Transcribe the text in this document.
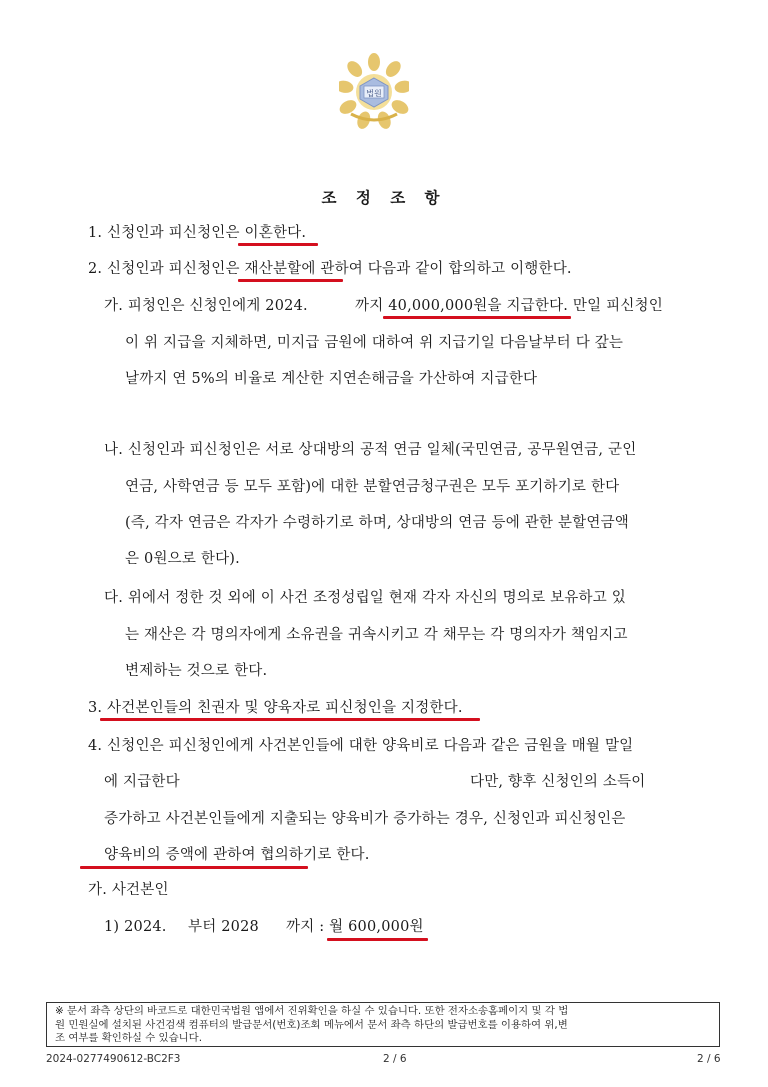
법원
조 정 조 항
1. 신청인과 피신청인은 이혼한다.
2. 신청인과 피신청인은 재산분할에 관하여 다음과 같이 합의하고 이행한다.
가. 피청인은 신청인에게 2024.	까지 40,000,000원을 지급한다. 만일 피신청인
이 위 지급을 지체하면, 미지급 금원에 대하여 위 지급기일 다음날부터 다 갚는
날까지 연 5%의 비율로 계산한 지연손해금을 가산하여 지급한다
나. 신청인과 피신청인은 서로 상대방의 공적 연금 일체(국민연금, 공무원연금, 군인
연금, 사학연금 등 모두 포함)에 대한 분할연금청구권은 모두 포기하기로 한다
(즉, 각자 연금은 각자가 수령하기로 하며, 상대방의 연금 등에 관한 분할연금액
은 0원으로 한다).
다. 위에서 정한 것 외에 이 사건 조정성립일 현재 각자 자신의 명의로 보유하고 있
는 재산은 각 명의자에게 소유권을 귀속시키고 각 채무는 각 명의자가 책임지고
변제하는 것으로 한다.
3. 사건본인들의 친권자 및 양육자로 피신청인을 지정한다.
4. 신청인은 피신청인에게 사건본인들에 대한 양육비로 다음과 같은 금원을 매월 말일
에 지급한다	다만, 향후 신청인의 소득이
증가하고 사건본인들에게 지출되는 양육비가 증가하는 경우, 신청인과 피신청인은
양육비의 증액에 관하여 협의하기로 한다.
가. 사건본인
1) 2024. 부터 2028 까지 : 월 600,000원
※ 문서 좌측 상단의 바코드로 대한민국법원 앱에서 진위확인을 하실 수 있습니다. 또한 전자소송홈페이지 및 각 법
원 민원실에 설치된 사건검색 컴퓨터의 발급문서(번호)조회 메뉴에서 문서 좌측 하단의 발급번호를 이용하여 위,변
조 여부를 확인하실 수 있습니다.
2024-0277490612-BC2F3	2 / 6	2 / 6
